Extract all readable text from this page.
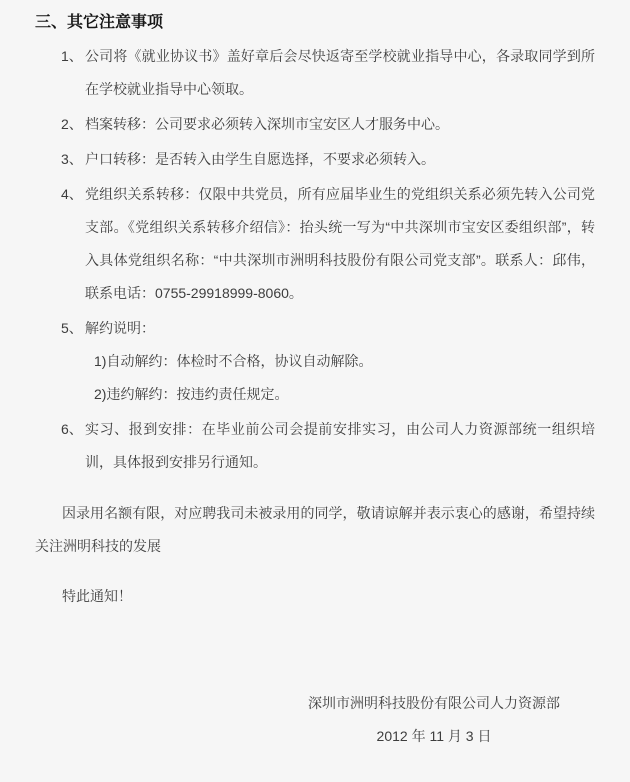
三、其它注意事项
1、 公司将《就业协议书》盖好章后会尽快返寄至学校就业指导中心，各录取同学到所在学校就业指导中心领取。
2、 档案转移：公司要求必须转入深圳市宝安区人才服务中心。
3、 户口转移：是否转入由学生自愿选择，不要求必须转入。
4、 党组织关系转移：仅限中共党员，所有应届毕业生的党组织关系必须先转入公司党支部。《党组织关系转移介绍信》：抬头统一写为“中共深圳市宝安区委组织部”，转入具体党组织名称：“中共深圳市洲明科技股份有限公司党支部”。联系人：邱伟，联系电话：0755-29918999-8060。
5、 解约说明：
1)自动解约：体检时不合格，协议自动解除。
2)违约解约：按违约责任规定。
6、 实习、报到安排：在毕业前公司会提前安排实习，由公司人力资源部统一组织培训，具体报到安排另行通知。

因录用名额有限，对应聘我司未被录用的同学，敬请谅解并表示衷心的感谢，希望持续关注洲明科技的发展

特此通知！

深圳市洲明科技股份有限公司人力资源部
2012 年 11 月 3 日
